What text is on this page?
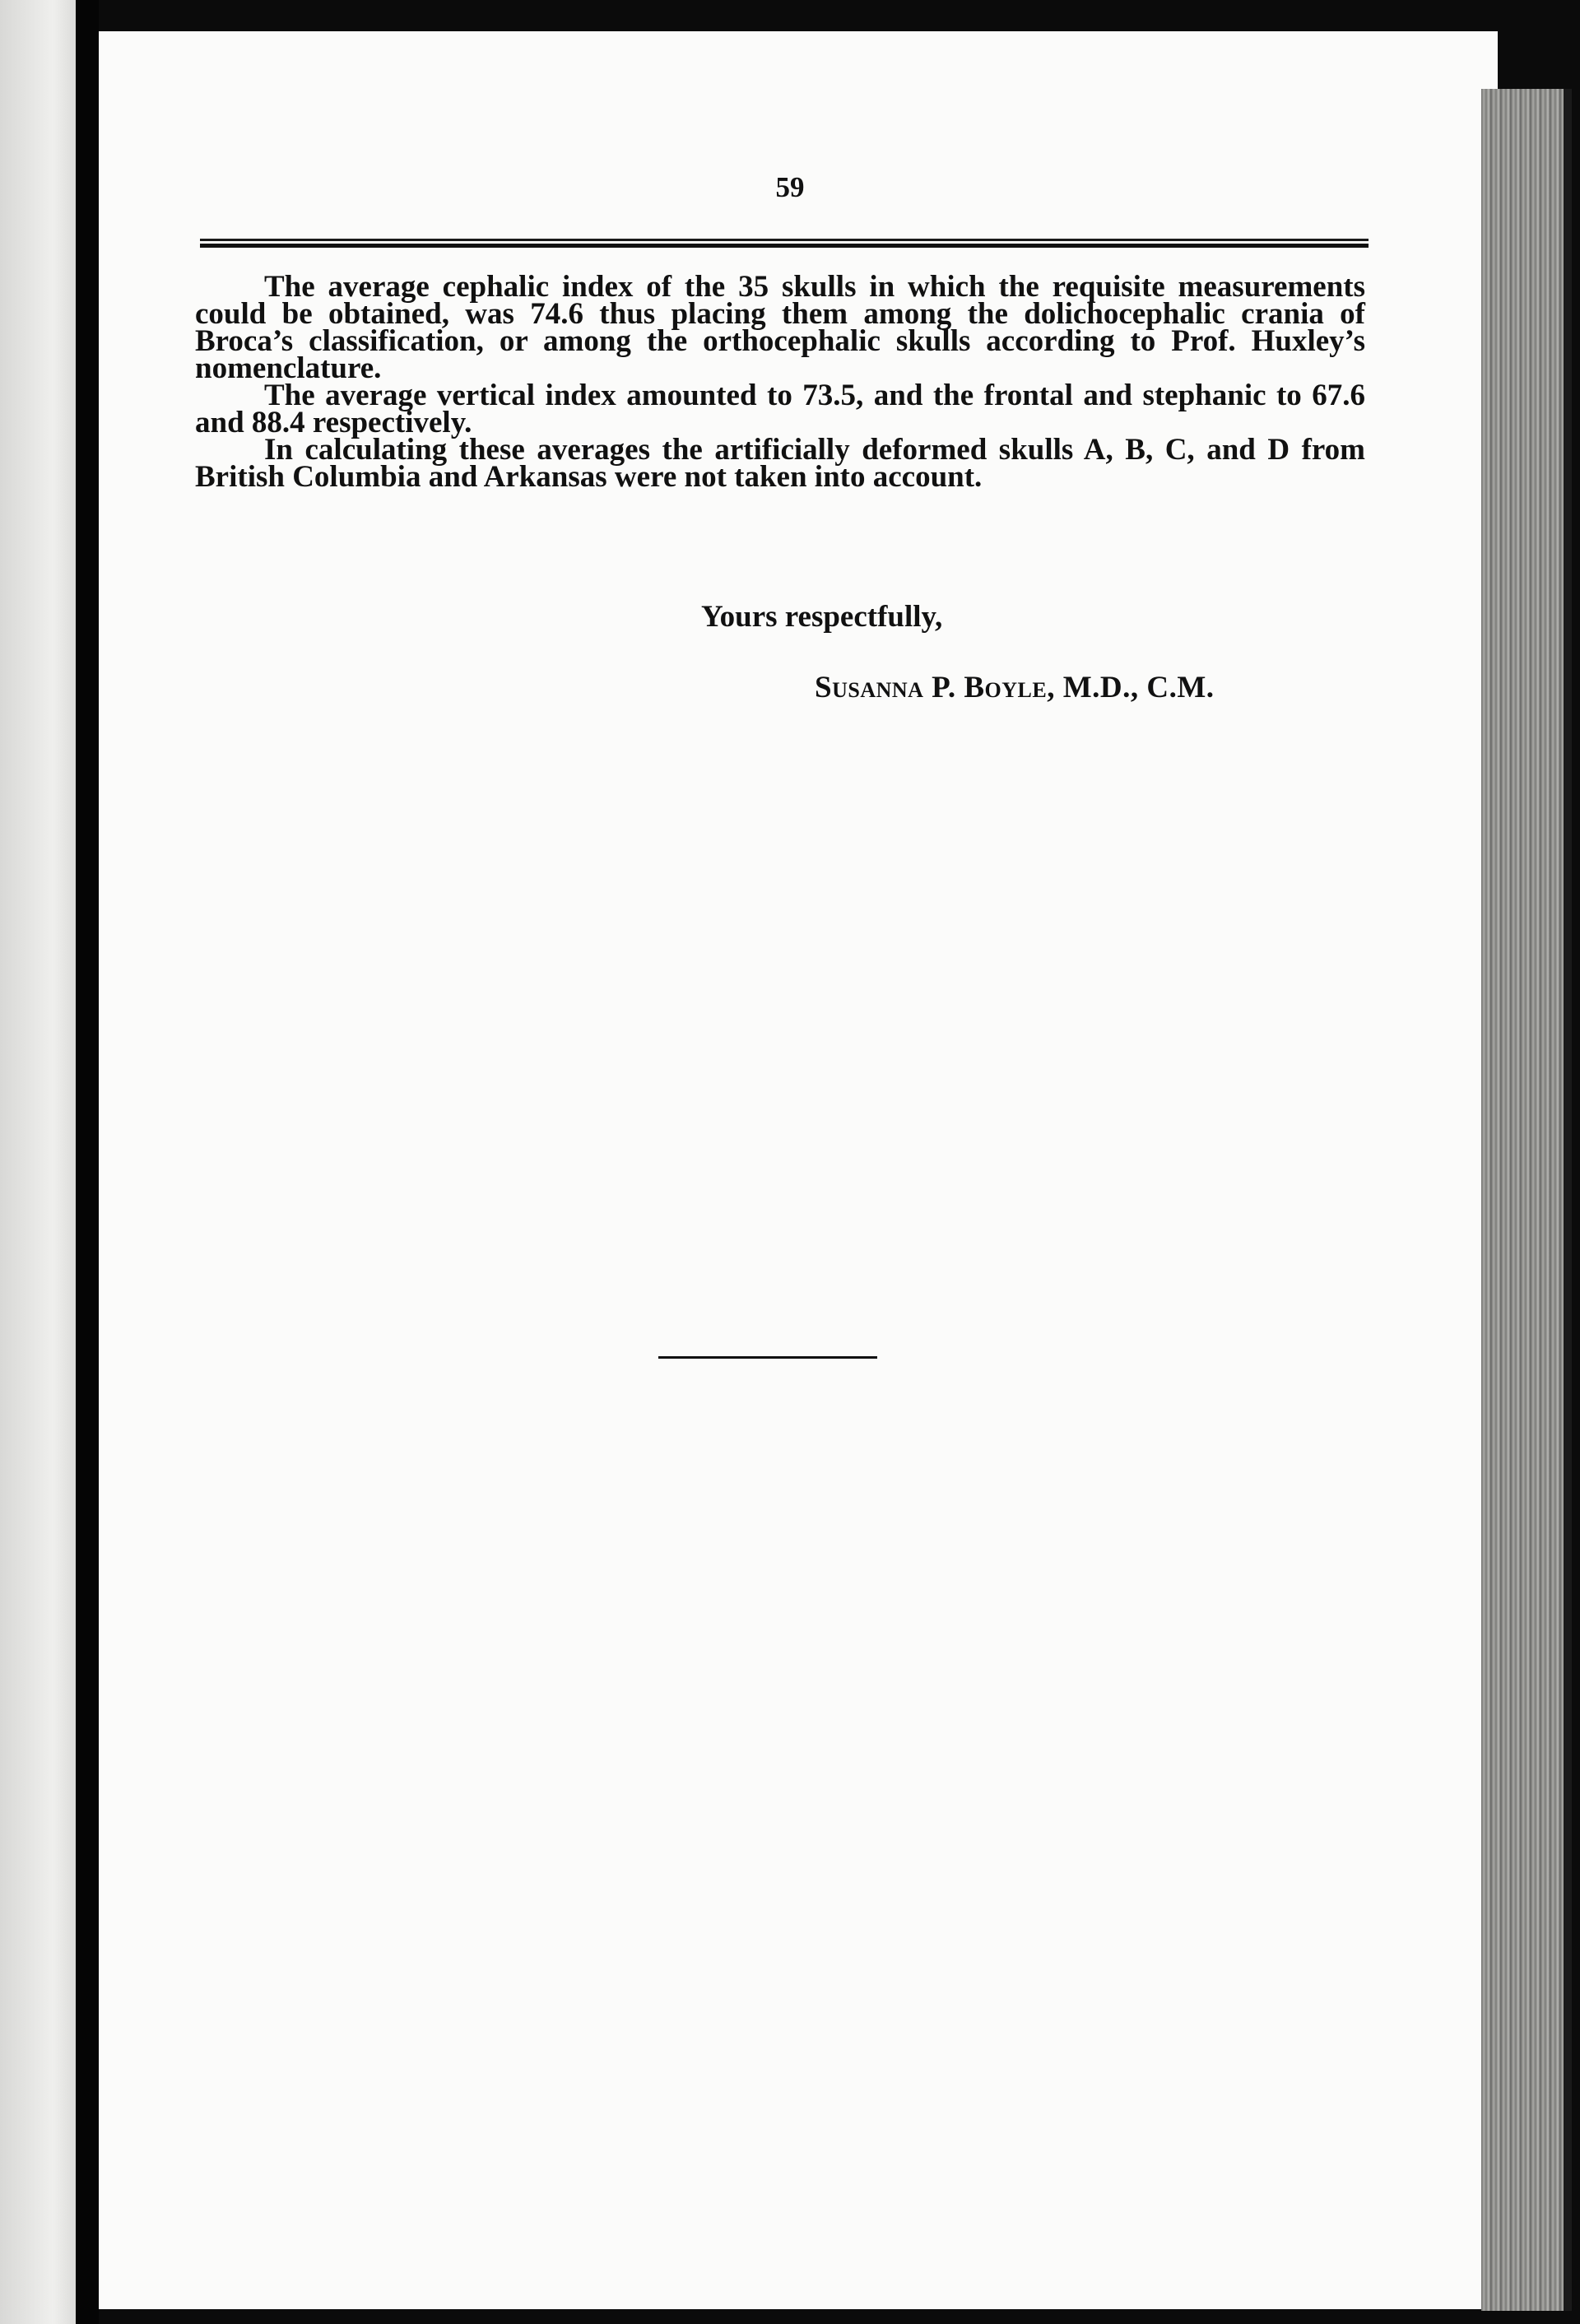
59

The average cephalic index of the 35 skulls in which the requisite measurements could be obtained, was 74.6 thus placing them among the dolichocephalic crania of Broca’s classification, or among the orthocephalic skulls according to Prof. Huxley’s nomenclature.

The average vertical index amounted to 73.5, and the frontal and stephanic to 67.6 and 88.4 respectively.

In calculating these averages the artificially deformed skulls A, B, C, and D from British Columbia and Arkansas were not taken into account.

Yours respectfully,
Susanna P. Boyle, M.D., C.M.
